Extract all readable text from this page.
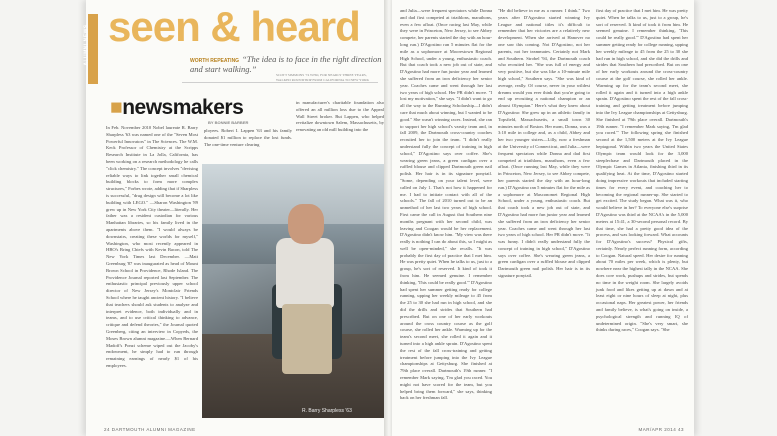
ALUMNI NEWS seen & heard
WORTH REPEATING “The idea is to face in the right direction and start walking.”
SCOTT SIMMONS '74 WHO, FOR NEARLY THREE YEARS, WALKED ROUNDTRIP FROM CALIFORNIA TO NEW YORK
■newsmakers
BY BONNIE BARBER
In Feb. November 2010 Nobel laureate R. Barry Sharpless '63 was named one of the "Seven Most Powerful Innovators" in The Sciences. The W.M. Keck Professor of Chemistry at the Scripps Research Institute in La Jolla, California, has been working on a research methodology he calls "click chemistry." The concept involves "devising reliable ways to link together small chemical building blocks to form more complex structures," Forbes wrote, adding that if Sharpless is successful, "drug design will become a lot like building with LEGO." —Sharon Washington '89 grew up in New York City theater—literally. Her father was a resident custodian for various Manhattan libraries, so his family lived in the apartments above them. "I would always be downstairs, creating these worlds for myself," Washington, who most recently appeared in HBO's Bring Chiefs with Kevin Bacon, told The New York Times last December. —Matt Greenburg '87 was inaugurated as head of Mount Brown School in Providence, Rhode Island. The Providence Journal reported last September. The enthusiastic principal previously upper school director of New Jersey's Montclair Friends School where he taught ancient history. "I believe that teachers should ask students to analyze and interpret evidence, both individually and in teams, and to use critical thinking to advance, critique and defend theories," the Journal quoted Greenberg, citing an interview in Copyeds, the Moses Brown alumni magazine.—When Bernard Madoff's Ponzi scheme wiped out the Jacoby's endowment, he simply had to run through remaining earnings of nearly $1 of his employees.
ployees. Robert I. Lappen '63 and his family donated $1 million to replace the lost funds. The one-time venture clearing
in manufacturer's charitable foundation also offered an all million loss due to the Appeal Wall Street broker. But Lappen, who helped revitalize downtown Salem, Massachusetts, by renovating an old mill building into the
R. Barry Sharpless '63
24 DARTMOUTH ALUMNI MAGAZINE
and Julia—were frequent spectators while Donna and dad first competed at triathlons, marathons, even a few afloat. (Once racing last May, while they were in Princeton, New Jersey, to see Abbey compete, her parents started the day with an hour-long run.) D'Agostino ran 5 minutes flat for the mile as a sophomore at Moorestown Regional High School, under a young, enthusiastic coach. But that coach took a new job out of state, and D'Agostino had more fun junior year and learned she suffered from an iron deficiency her senior year. Coaches came and went through her last two years of high school. Her PR didn't move. "I lost my motivation," she says. "I didn't want to go all the way to the Running Scholarship—I didn't care that much about winning, but I wanted to be good." She wasn't winning races. Instead, she ran to support her high school's varsity team and, in fall 2009, the Dartmouth cross-country coaches recruited her to join the team. "I didn't really understand fully the concept of training in high school," D'Agostino says over coffee. She's wearing green jeans, a green cardigan over a ruffled blouse and clipped Dartmouth green nail polish. Her hair is in its signature ponytail. "Some, depending on your talent level, were called on July 1. That's not how it happened for me. I had to initiate contact with all of the schools." The fall of 2010 turned out to be an unmethod of her last two years of high school. First came the call in August that Southern nine months pregnant with her second child, was leaving and Coogan would be her replacement. D'Agostino didn't know him. "My view was there really is nothing I can do about this, so I might as well be open-minded," she recalls. "It was probably the first day of practice that I met him. He was pretty quiet. When he talks to us, just to a group, he's sort of reserved. It kind of took it from him. He seemed genuine. I remember thinking, 'This could be really good.'" D'Agostino had spent her summer getting ready for college running, upping her weekly mileage to 45 from the 25 to 30 she had run in high school, and she did the drills and strides that Southern had prescribed. But on one of her early workouts around the cross country course as the golf course, she rolled her ankle. Warming up for the team's second meet, she rolled it again and it turned into a high ankle sprain. D'Agostino spent the rest of the fall cross-training and getting treatment before jumping into the Ivy League championships at Gettysburg. She finished at 79th place overall. Dartmouth's 19th runner. "I remember Mark saying, 'I'm glad you raced. You might not have scored for the team, but you helped bring them forward," she says, thinking back on her freshman fall.
"He did believe in me as a runner. I think." Two years after D'Agostino started winning Ivy League and national titles it's difficult to remember that her victories are a relatively new development. When she arrived at Hanover no one saw this coming. Not D'Agostino, not her parents, not her teammates. Certainly not Mark and Southern. Strobel '94, the Dartmouth coach who recruited her. "She was full of energy and very positive, but she was like a 10-minute mile high school," Southern says. "She was kind of average, really. Of course, never in your wildest dreams would you ever think that you're going to end up recruiting a national champion or an almost Olympian." Here's what they knew about D'Agostino: She grew up in an athletic family in Topsfield, Massachusetts, a small town 30 minutes north of Boston. Her mom, Donna, was a 3:10 mile in college and, as a child, Abbey and her two younger sisters—Lilly, now a freshman at the University of Connecticut, and Julia—were frequent spectators while Donna and dad first competed at triathlons, marathons, even a few afloat. (Once running last May, while they were in Princeton, New Jersey, to see Abbey compete, her parents started the day with an hour-long run.) D'Agostino ran 5 minutes flat for the mile as a sophomore at Masconomet Regional High School, under a young, enthusiastic coach. But that coach took a new job out of state, and D'Agostino had more fun junior year and learned she suffered from an iron deficiency her senior year. Coaches came and went through her last two years of high school. Her PR didn't move. "It was funny. I didn't really understand fully the concept of training in high school," D'Agostino says over coffee. She's wearing green jeans, a green cardigan over a ruffled blouse and clipped Dartmouth green nail polish. Her hair is in its signature ponytail.
first day of practice that I met him. He was pretty quiet. When he talks to us, just to a group, he's sort of reserved. It kind of took it from him. He seemed genuine. I remember thinking, 'This could be really good.'" D'Agostino had spent her summer getting ready for college running, upping her weekly mileage to 45 from the 25 to 30 she had run in high school, and she did the drills and strides that Southern had prescribed. But on one of her early workouts around the cross-country course at the golf course, she rolled her ankle. Warming up for the team's second meet, she rolled it again and it turned into a high ankle sprain. D'Agostino spent the rest of the fall cross-training and getting treatment before jumping into the Ivy League championships at Gettysburg. She finished at 79th place overall. Dartmouth's 19th runner. "I remember Mark saying, 'I'm glad you raced.'" The following spring she finished second at the 1,500 meters at the Ivy League heptagonal. Within two years the United States Olympic team would look for the 3,000 steeplechase and Dartmouth placed in the Olympic Games in Atlanta, finishing third in its qualifying heat. At the time, D'Agostino started doing impressive workouts that included starting times for every event, and coaching her to becoming the regional runner-up. She started to get excited. The study began. What was it, who would believe in her? To everyone else's surprise D'Agostino was third at the NCAA's in the 5,000 meters at 15:41, a 30-second personal record. By that time, she had a pretty good idea of the process, and was looking forward. What accounts for D'Agostino's success? Physical gifts, certainly. Nearly perfect running form, according to Coogan. Natural speed. Her desire for running about 70 miles per week, which is plenty, but nowhere near the highest tally in the NCAA. She does core work, pushups and strides, but spends no time in the weight room. She largely avoids junk food and likes getting up at dawn and at least eight or nine hours of sleep at night, plus occasional naps. Her greatest power, her friends and family believe, is what's going on inside, a psychological strength and running IQ of undetermined origin. "She's very smart, she thinks during races," Coogan says. "She
MAR/APR 2014 43
